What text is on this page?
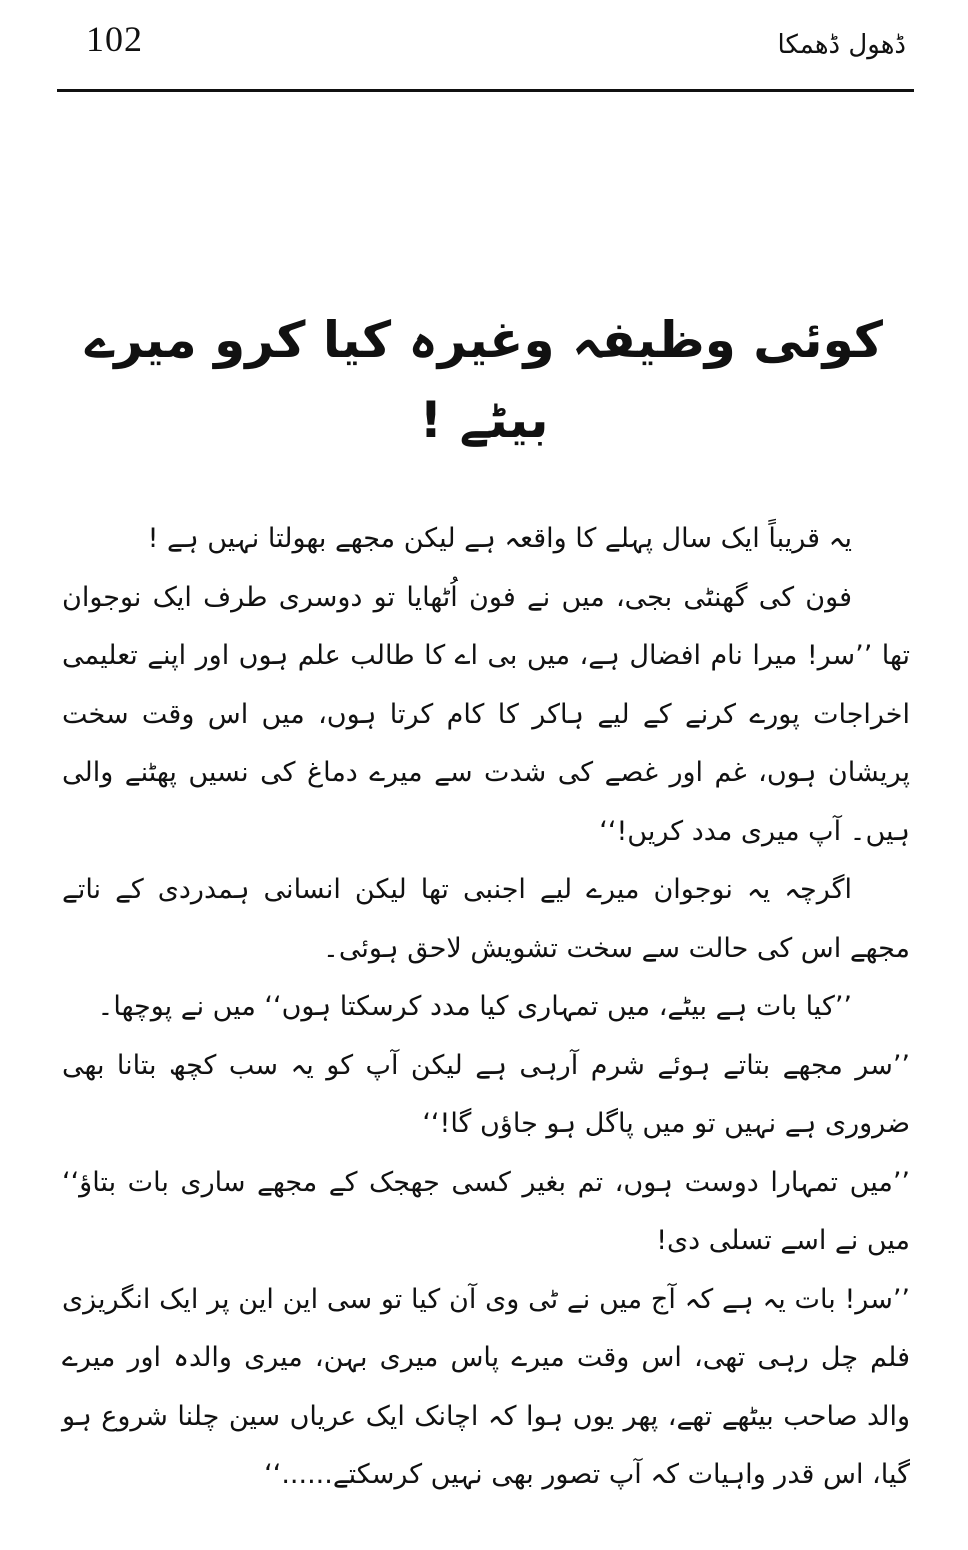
102	ڈھول ڈھمکا
کوئی وظیفہ وغیرہ کیا کرو میرے بیٹے !

یہ قریباً ایک سال پہلے کا واقعہ ہے لیکن مجھے بھولتا نہیں ہے !

فون کی گھنٹی بجی، میں نے فون اُٹھایا تو دوسری طرف ایک نوجوان تھا ’’سر! میرا نام افضال ہے، میں بی اے کا طالب علم ہوں اور اپنے تعلیمی اخراجات پورے کرنے کے لیے ہاکر کا کام کرتا ہوں، میں اس وقت سخت پریشان ہوں، غم اور غصے کی شدت سے میرے دماغ کی نسیں پھٹنے والی ہیں۔ آپ میری مدد کریں!‘‘

اگرچہ یہ نوجوان میرے لیے اجنبی تھا لیکن انسانی ہمدردی کے ناتے مجھے اس کی حالت سے سخت تشویش لاحق ہوئی۔

’’کیا بات ہے بیٹے، میں تمہاری کیا مدد کرسکتا ہوں‘‘ میں نے پوچھا۔

’’سر مجھے بتاتے ہوئے شرم آرہی ہے لیکن آپ کو یہ سب کچھ بتانا بھی ضروری ہے نہیں تو میں پاگل ہو جاؤں گا!‘‘

’’میں تمہارا دوست ہوں، تم بغیر کسی جھجک کے مجھے ساری بات بتاؤ‘‘ میں نے اسے تسلی دی!

’’سر! بات یہ ہے کہ آج میں نے ٹی وی آن کیا تو سی این این پر ایک انگریزی فلم چل رہی تھی، اس وقت میرے پاس میری بہن، میری والدہ اور میرے والد صاحب بیٹھے تھے، پھر یوں ہوا کہ اچانک ایک عریاں سین چلنا شروع ہو گیا، اس قدر واہیات کہ آپ تصور بھی نہیں کرسکتے......‘‘
